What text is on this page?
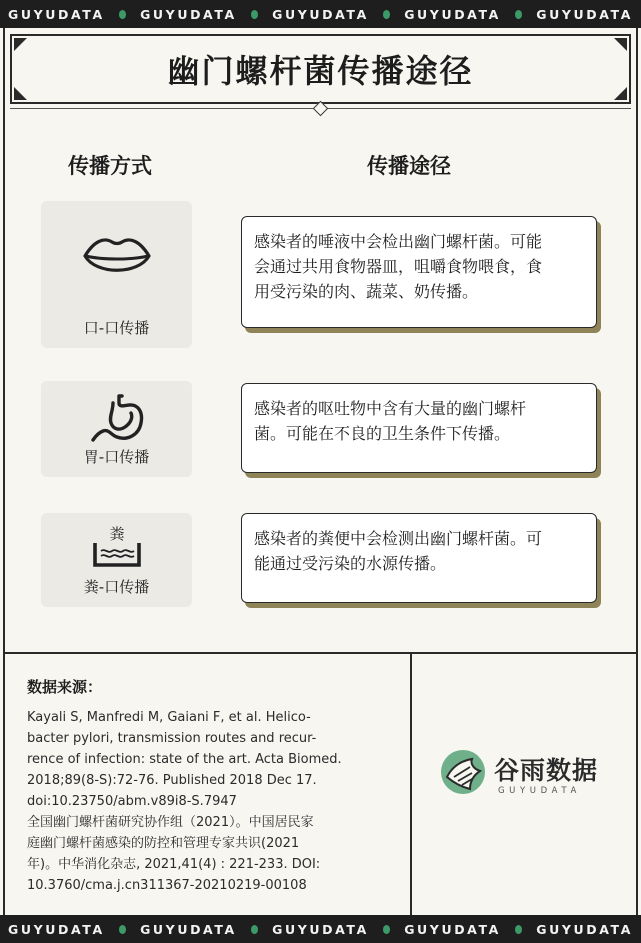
GUYUDATA	GUYUDATA	GUYUDATA	GUYUDATA	GUYUDATA
幽门螺杆菌传播途径
传播方式	传播途径
口-口传播
感染者的唾液中会检出幽门螺杆菌。可能
会通过共用食物器皿，咀嚼食物喂食，食
用受污染的肉、蔬菜、奶传播。
胃-口传播
感染者的呕吐物中含有大量的幽门螺杆
菌。可能在不良的卫生条件下传播。
粪
粪-口传播
感染者的粪便中会检测出幽门螺杆菌。可
能通过受污染的水源传播。
数据来源：
Kayali S, Manfredi M, Gaiani F, et al. Helico-
bacter pylori, transmission routes and recur-
rence of infection: state of the art. Acta Biomed.
2018;89(8-S):72-76. Published 2018 Dec 17.
doi:10.23750/abm.v89i8-S.7947
全国幽门螺杆菌研究协作组（2021）。中国居民家
庭幽门螺杆菌感染的防控和管理专家共识(2021
年)。中华消化杂志, 2021,41(4) : 221-233. DOI:
10.3760/cma.j.cn311367-20210219-00108
谷雨数据
GUYUDATA
GUYUDATA	GUYUDATA	GUYUDATA	GUYUDATA	GUYUDATA
